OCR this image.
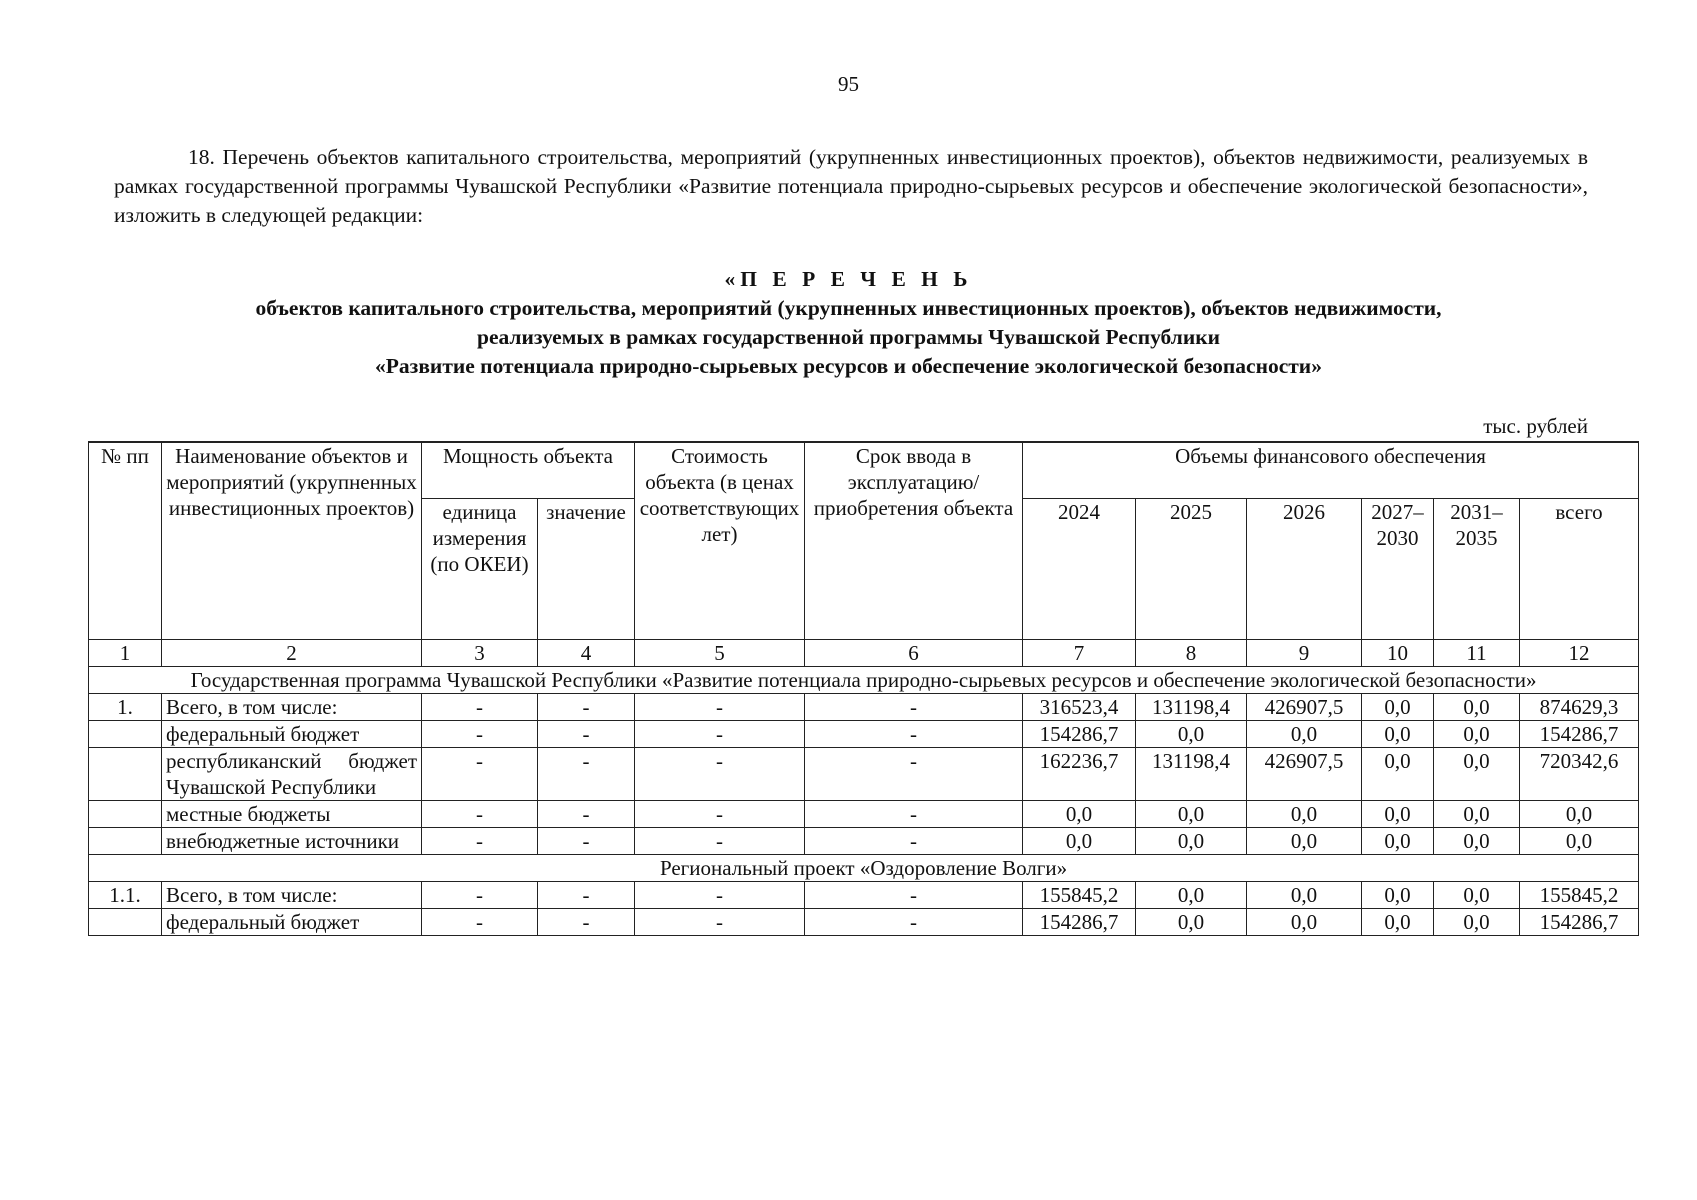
95
18. Перечень объектов капитального строительства, мероприятий (укрупненных инвестиционных проектов), объектов недвижимости, реализуемых в рамках государственной программы Чувашской Республики «Развитие потенциала природно-сырьевых ресурсов и обеспечение экологической безопасности», изложить в следующей редакции:
«П Е Р Е Ч Е Н Ь
объектов капитального строительства, мероприятий (укрупненных инвестиционных проектов), объектов недвижимости,
реализуемых в рамках государственной программы Чувашской Республики
«Развитие потенциала природно-сырьевых ресурсов и обеспечение экологической безопасности»
тыс. рублей
№ пп	Наименование объектов и мероприятий (укрупненных инвестиционных проектов)	Мощность объекта		Стоимость объекта (в ценах соответствующих лет)	Срок ввода в эксплуатацию/приобретения объекта	Объемы финансового обеспечения					
		единица измерения (по ОКЕИ)	значение			2024	2025	2026	2027–2030	2031–2035	всего

1	2	3	4	5	6	7	8	9	10	11	12
Государственная программа Чувашской Республики «Развитие потенциала природно-сырьевых ресурсов и обеспечение экологической безопасности»											
1.	Всего, в том числе:	-	-	-	-	316523,4	131198,4	426907,5	0,0	0,0	874629,3
	федеральный бюджет	-	-	-	-	154286,7	0,0	0,0	0,0	0,0	154286,7
	республиканский бюджет Чувашской Республики	-	-	-	-	162236,7	131198,4	426907,5	0,0	0,0	720342,6
	местные бюджеты	-	-	-	-	0,0	0,0	0,0	0,0	0,0	0,0
	внебюджетные источники	-	-	-	-	0,0	0,0	0,0	0,0	0,0	0,0
Региональный проект «Оздоровление Волги»											
1.1.	Всего, в том числе:	-	-	-	-	155845,2	0,0	0,0	0,0	0,0	155845,2
	федеральный бюджет	-	-	-	-	154286,7	0,0	0,0	0,0	0,0	154286,7
